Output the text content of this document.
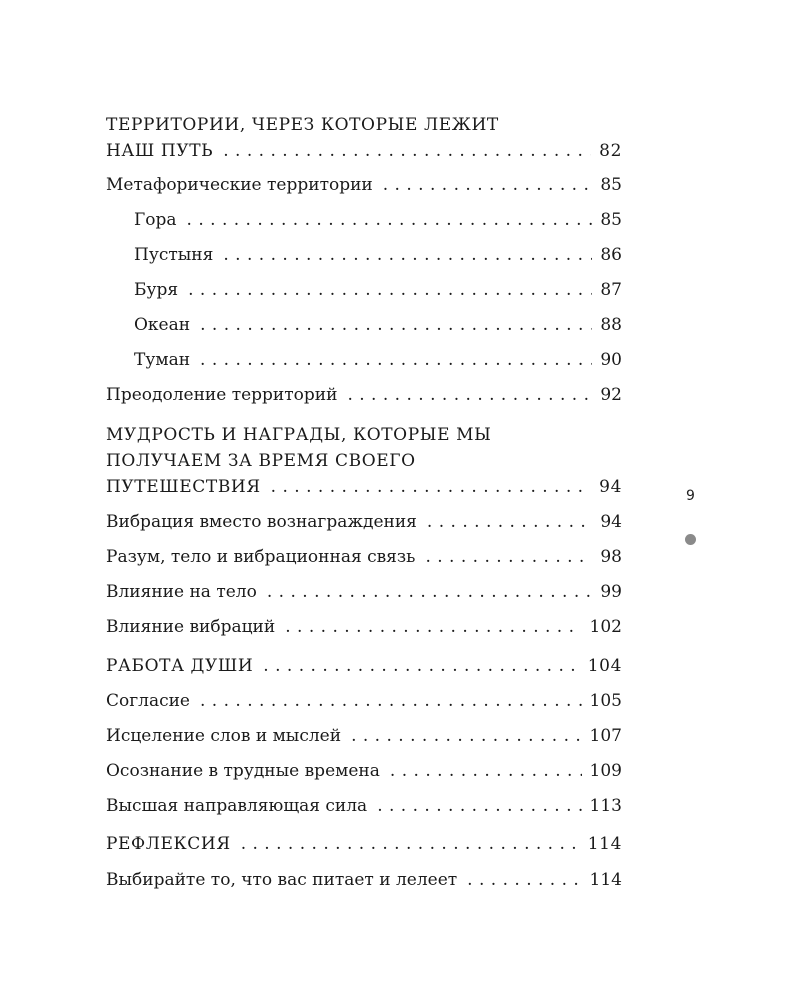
ТЕРРИТОРИИ, ЧЕРЕЗ КОТОРЫЕ ЛЕЖИТ
НАШ ПУТЬ . . .	82
Метафорические территории . . .	85
Гора . . .	85
Пустыня . . .	86
Буря . . .	87
Океан . . .	88
Туман . . .	90
Преодоление территорий . . .	92
МУДРОСТЬ И НАГРАДЫ, КОТОРЫЕ МЫ
ПОЛУЧАЕМ ЗА ВРЕМЯ СВОЕГО
ПУТЕШЕСТВИЯ . . .	94
Вибрация вместо вознаграждения . . .	94
Разум, тело и вибрационная связь . . .	98
Влияние на тело . . .	99
Влияние вибраций . . .	102
РАБОТА ДУШИ . . .	104
Согласие . . .	105
Исцеление слов и мыслей . . .	107
Осознание в трудные времена . . .	109
Высшая направляющая сила . . .	113
РЕФЛЕКСИЯ . . .	114
Выбирайте то, что вас питает и лелеет . . .	114
9
